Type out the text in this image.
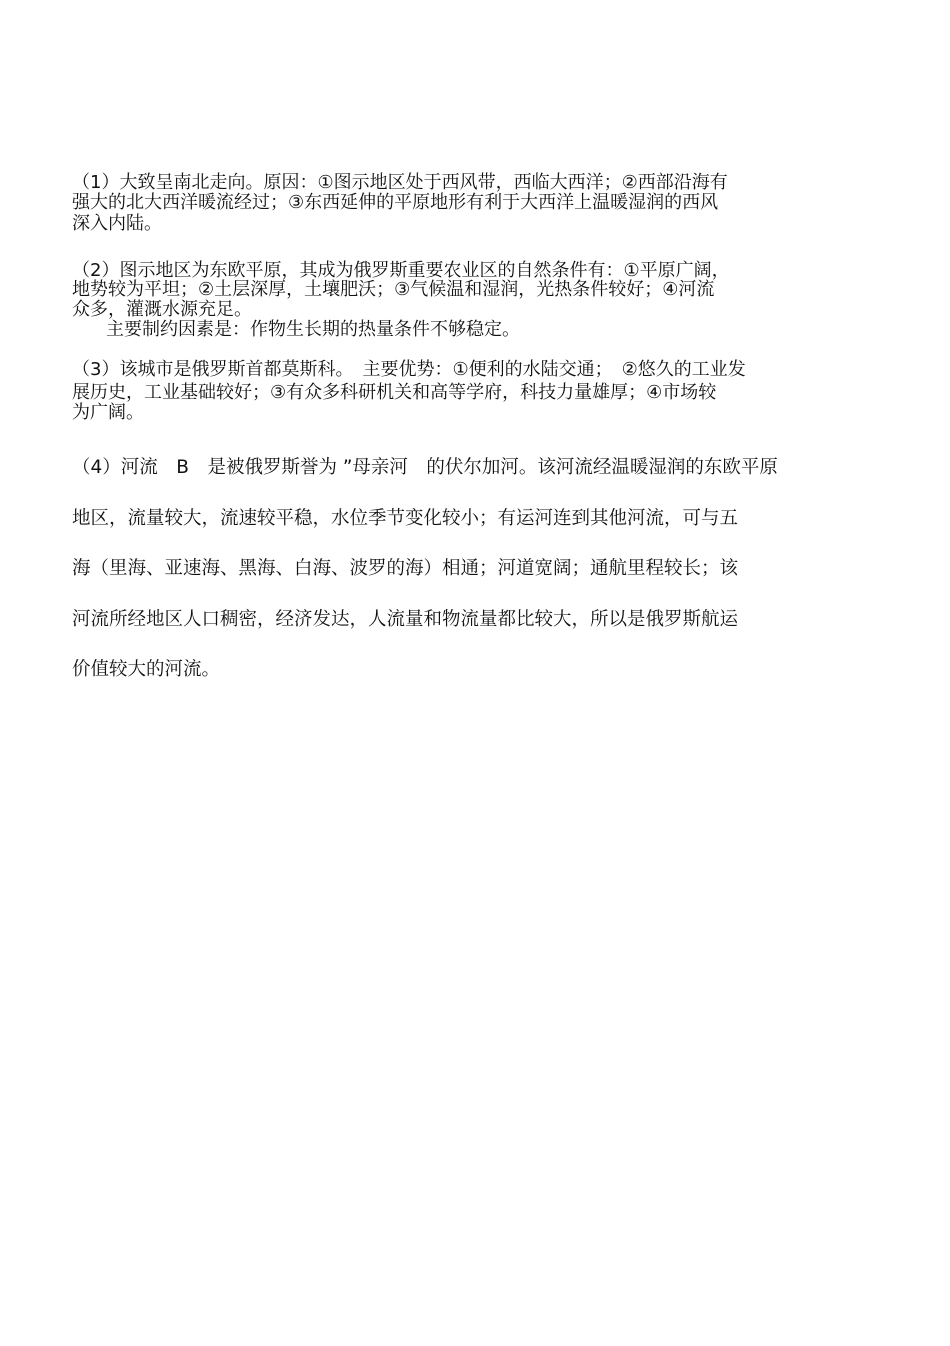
（1）大致呈南北走向。原因：①图示地区处于西风带，西临大西洋；②西部沿海有
强大的北大西洋暖流经过；③东西延伸的平原地形有利于大西洋上温暖湿润的西风
深入内陆。
（2）图示地区为东欧平原，其成为俄罗斯重要农业区的自然条件有：①平原广阔，
地势较为平坦；②土层深厚，土壤肥沃；③气候温和湿润，光热条件较好；④河流
众多，灌溉水源充足。
主要制约因素是：作物生长期的热量条件不够稳定。
（3）该城市是俄罗斯首都莫斯科。　主要优势：①便利的水陆交通；　②悠久的工业发
展历史，工业基础较好；③有众多科研机关和高等学府，科技力量雄厚；④市场较
为广阔。
（4）河流　B　是被俄罗斯誉为 ”母亲河　的伏尔加河。该河流经温暖湿润的东欧平原
地区，流量较大，流速较平稳，水位季节变化较小；有运河连到其他河流，可与五
海（里海、亚速海、黑海、白海、波罗的海）相通；河道宽阔；通航里程较长；该
河流所经地区人口稠密，经济发达，人流量和物流量都比较大，所以是俄罗斯航运
价值较大的河流。
